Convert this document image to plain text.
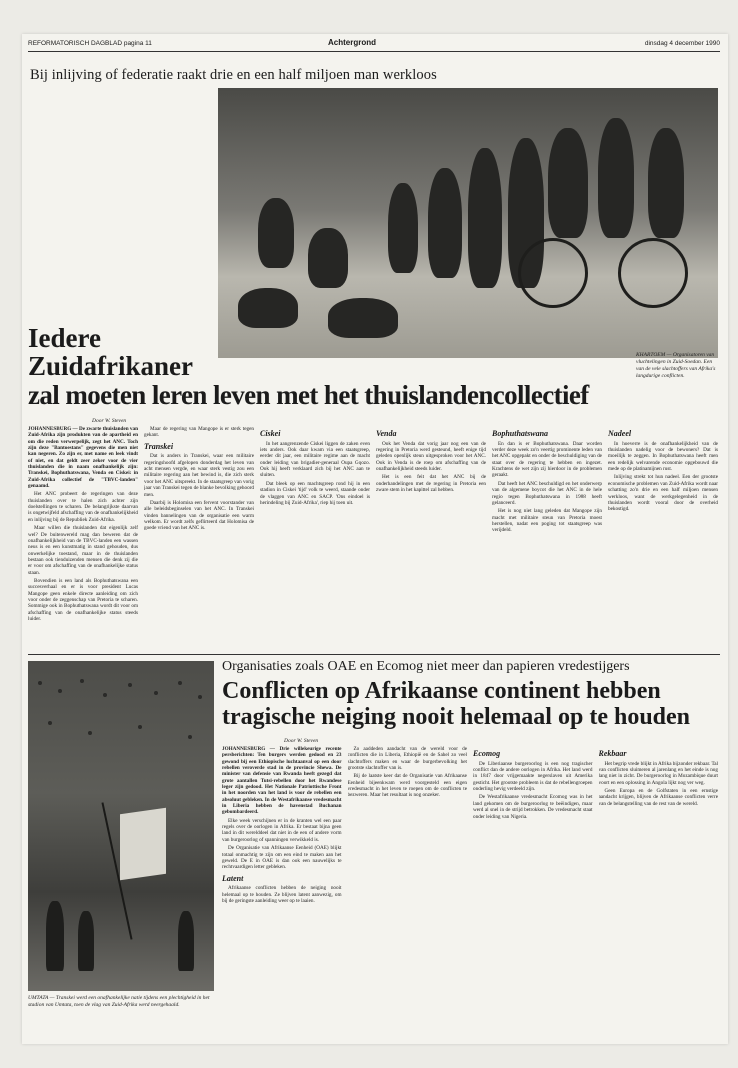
REFORMATORISCH DAGBLAD pagina 11	Achtergrond	dinsdag 4 december 1990
Bij inlijving of federatie raakt drie en een half miljoen man werkloos
KHARTOEM — Organisatoren van vluchtelingen in Zuid-Soedan. Een van de vele slachtoffers van Afrika's langdurige conflicten.
Iedere
Zuidafrikaner
zal moeten leren leven met het thuislandencollectief
Door W. Steven

JOHANNESBURG — De zwarte thuislanden van Zuid-Afrika zijn produkten van de apartheid en om die reden verwerpelijk, zegt het ANC. Toch zijn deze "Bantoestans" gegevens die men niet kan negeren. Zo zijn er, met name en leek vindt of niet, en dat geldt zeer zeker voor de vier thuislanden die in naam onafhankelijk zijn: Transkei, Bophuthatswana, Venda en Ciskei: in Zuid-Afrika collectief de "TBVC-landen" genaamd.

Het ANC probeert de regeringen van deze thuislanden over te halen zich achter zijn doelstellingen te scharen. De belangrijkste daarvan is ongetwijfeld afschaffing van de onafhankelijkheid en inlijving bij de Republiek Zuid-Afrika.

Maar willen die thuislanden dat eigenlijk zelf wel? De buitenwereld mag dan beweren dat de onafhankelijkheid van de TBVC-landen een wassen neus is en een kunstmatig in stand gehouden, dus onwerkelijke toestand, maar in de thuislanden bestaan ook tienduizenden mensen die denk zij die er voor om afschaffing van de onafhankelijke status staan.

Bovendien is een land als Bophuthatswana een succesverhaal en er is voor president Lucas Mangope geen enkele directe aanleiding om zich voor onder de zeggenschap van Pretoria te scharen. Sommige ook in Bophuthatswana wordt dit voor om afschaffing van de onafhankelijke status steeds luider.

Maar de regering van Mangope is er sterk tegen gekant.

Transkei

Dat is anders in Transkei, waar een militaire regeringshoofd afgelopen donderdag het leven van acht mensen vergde, en waar sterk vestig zou een militaire regering aan het bewind is, die zich sterk voor het ANC uitspreekt. In de staatsgreep van vorig jaar van Transkei tegen de blanke bevolking gehoord men.

Daarbij is Holomisa een fervent voorstander van alle beleidsbeginselen van het ANC. In Transkei vinden bannelingen van de organisatie een warm welkom. Er wordt zelfs geflirteerd dat Holomisa de goede vriend van het ANC is.

Ciskei

In het aangrenzende Ciskei liggen de zaken even iets anders. Ook daar kwam via een staatsgreep, eerder dit jaar, een militaire regime aan de macht onder leiding van brigadier-generaal Oupa Gqozo. Ook hij heeft verklaard zich bij het ANC aan te sluiten.

Dat bleek op een machtsgreep rond hij in een stadion in Ciskei 'tijd' volk te weerd, staande onder de vlaggen van ANC en SACP. 'Ons eindoel is herindeling bij Zuid-Afrika', riep hij toen uit.

Venda

Ook het Venda dat vorig jaar nog een van de regering in Pretoria werd gesteund, heeft enige tijd geleden openlijk steun uitgesproken voor het ANC. Ook in Venda is de roep om afschaffing van de onafhankelijkheid steeds luider.

Het is een feit dat het ANC bij de onderhandelingen met de regering in Pretoria een zware stem in het kapittel zal hebben.

Bophuthatswana

En dan is er Bophuthatswana. Daar worden verder deze week zo'n veertig prominente leden van het ANC opgepakt en onder de beschuldiging van de staat over de regering te hebben en ingezet. Krachtens de wet zijn zij hierdoor in de problemen geraakt.

Dat heeft het ANC beschuldigd en het onderwerp van de algemene boycot die het ANC in de hele regio tegen Bophuthatswana in 1988 heeft gelanceerd.

Het is nog niet lang geleden dat Mangope zijn macht met militaire steun van Pretoria moest herstellen, nadat een poging tot staatsgreep was verijdeld.

Nadeel

In hoeverre is de onafhankelijkheid van de thuislanden nadelig voor de bewoners? Dat is moeilijk te zeggen. In Bophuthatswana heeft men een redelijk welvarende economie opgebouwd die mede op de platinamijnen rust.

Inlijving strekt tot hun nadeel. Een der grootste economische problemen van Zuid-Afrika wordt naar schatting zo'n drie en een half miljoen mensen werkloos, want de werkgelegenheid in de thuislanden wordt vooral door de overheid bekostigd.

Organisaties zoals OAE en Ecomog niet meer dan papieren vredestijgers
Conflicten op Afrikaanse continent hebben
tragische neiging nooit helemaal op te houden
UMTATA — Transkei werd een onafhankelijke natie tijdens een plechtigheid in het stadion van Umtata, toen de vlag van Zuid-Afrika werd neergehaald.
Door W. Steven

JOHANNESBURG — Drie willekeurige recente persberichten: Ten burgers werden gedood en 23 gewond bij een Ethiopische luchtaanval op een door rebellen veroverde stad in de provincie Shewa. De minister van defensie van Rwanda heeft gezegd dat grote aantallen Tutsi-rebellen door het Rwandese leger zijn gedood. Het Nationale Patriottische Front in het noorden van het land is voor de rebellen een absoluut gebleken. In de Westafrikaanse vredesmacht in Liberia hebben de havenstad Buchanan gebombardeerd.

Elke week verschijnen er in de kranten wel een paar regels over de oorlogen in Afrika. Er bestaat bijna geen land in dit werelddeel dat niet in de een of andere vorm van burgeroorlog of spanningen verwikkeld is.

De Organisatie van Afrikaanse Eenheid (OAE) blijkt totaal onmachtig te zijn om een eind te maken aan het geweld. De E in OAE is dan ook een nauwelijks te rechtvaardigen letter gebleken.

Latent

Afrikaanse conflicten hebben de neiging nooit helemaal op te houden. Ze blijven latent aanwezig, om bij de geringste aanleiding weer op te laaien.

Zo aaddeden aandacht van de wereld voor de conflicten die in Liberia, Ethiopië en de Sahel zo veel slachtoffers maken en waar de burgerbevolking het grootste slachtoffer van is.

Bij de laatste keer dat de Organisatie van Afrikaanse Eenheid bijeenkwam werd voorgesteld een eigen vredesmacht in het leven te roepen om de conflicten te bezweren. Maar het resultaat is nog onzeker.

Ecomog

De Liberiaanse burgeroorlog is een nog tragischer conflict dan de andere oorlogen in Afrika. Het land werd in 1847 door vrijgemaakte negerslaven uit Amerika gesticht. Het grootste probleem is dat de rebellengroepen onderling hevig verdeeld zijn.

De Westafrikaanse vredesmacht Ecomog was in het land gekomen om de burgeroorlog te beëindigen, maar werd al snel in de strijd betrokken. De vredesmacht staat onder leiding van Nigeria.

Rekbaar

Het begrip vrede blijkt in Afrika bijzonder rekbaar. Tal van conflicten sluimeren al jarenlang en het einde is nog lang niet in zicht. De burgeroorlog in Mozambique duurt voort en een oplossing in Angola lijkt nog ver weg.

Geen Europa en de Golfstaten in een ernstige aandacht krijgen, blijven de Afrikaanse conflicten verre van de belangstelling van de rest van de wereld.
